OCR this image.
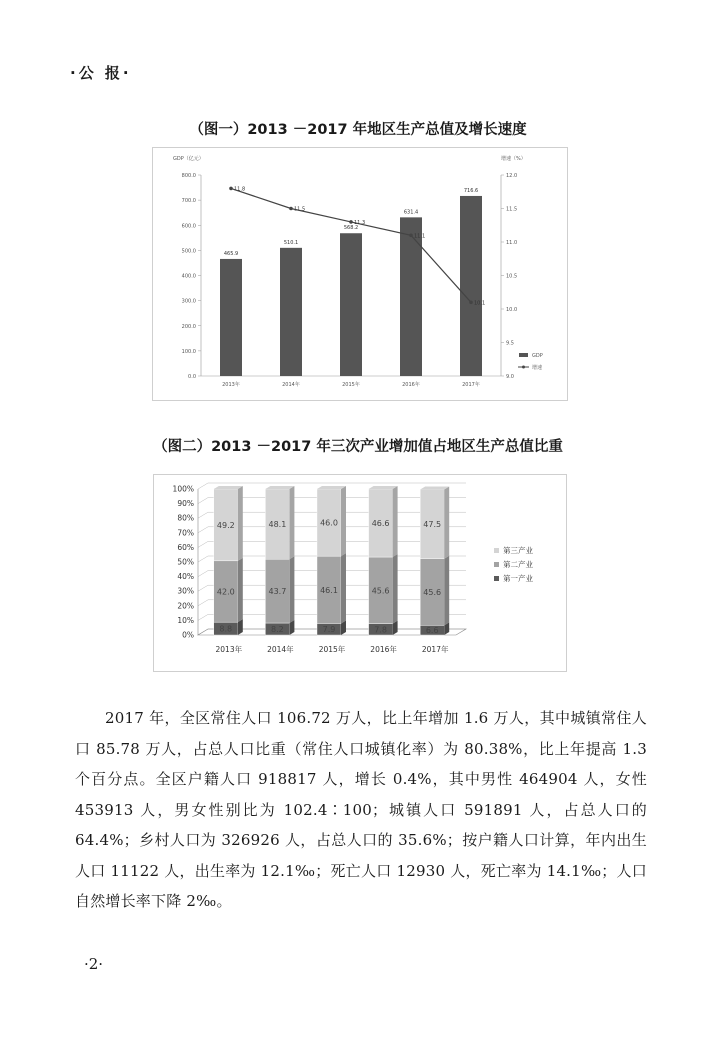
·公 报·
（图一）2013 －2017 年地区生产总值及增长速度
GDP（亿元）	增速（%）
0.0
100.0
200.0
300.0
400.0
500.0
600.0
700.0
800.0
9.0
9.5
10.0
10.5
11.0
11.5
12.0
465.9
2013年
510.1
2014年
568.2
2015年
631.4
2016年
716.6
2017年
11.8
11.5
11.3
11.1
10.1
GDP
增速
（图二）2013 －2017 年三次产业增加值占地区生产总值比重
0%
10%
20%
30%
40%
50%
60%
70%
80%
90%
100%
8.8
42.0
49.2
2013年
8.2
43.7
48.1
2014年
7.9
46.1
46.0
2015年
7.8
45.6
46.6
2016年
6.6
45.6
47.5
2017年
第三产业
第二产业
第一产业

2017 年，全区常住人口 106.72 万人，比上年增加 1.6 万人，其中城镇常住人口 85.78 万人，占总人口比重（常住人口城镇化率）为 80.38%，比上年提高 1.3 个百分点。全区户籍人口 918817 人，增长 0.4%，其中男性 464904 人，女性 453913 人，男女性别比为 102.4∶100；城镇人口 591891 人，占总人口的 64.4%；乡村人口为 326926 人，占总人口的 35.6%；按户籍人口计算，年内出生人口 11122 人，出生率为 12.1‰；死亡人口 12930 人，死亡率为 14.1‰；人口自然增长率下降 2‰。

·2·
